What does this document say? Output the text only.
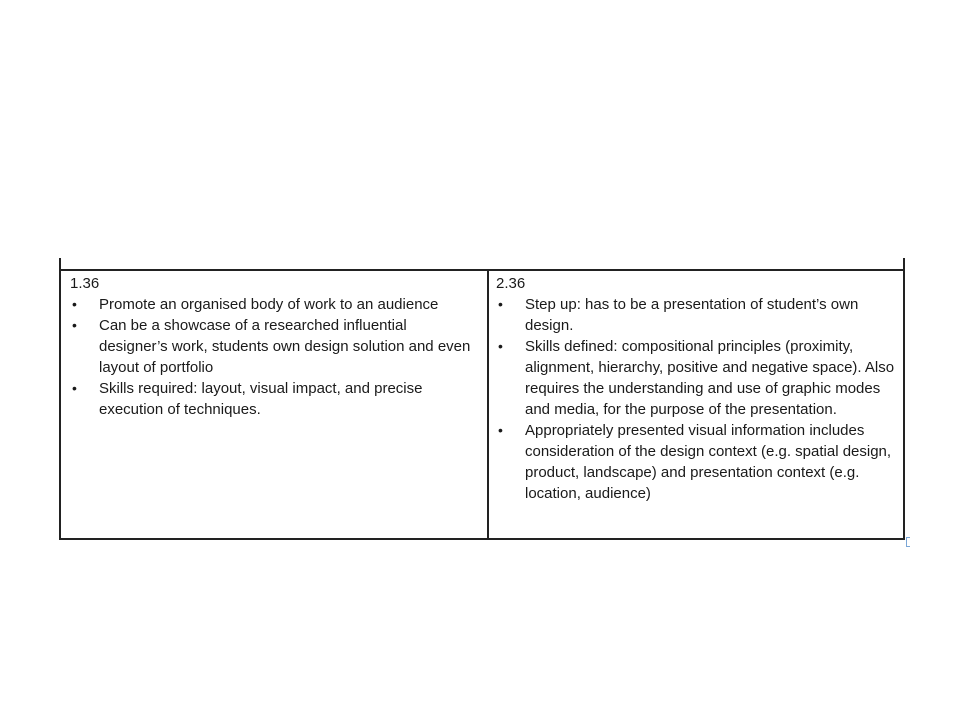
1.36
• Promote an organised body of work to an audience
• Can be a showcase of a researched influential designer’s work, students own design solution and even layout of portfolio
• Skills required: layout, visual impact, and precise execution of techniques.
2.36
• Step up: has to be a presentation of student’s own design.
• Skills defined: compositional principles (proximity, alignment, hierarchy, positive and negative space). Also requires the understanding and use of graphic modes and media, for the purpose of the presentation.
• Appropriately presented visual information includes consideration of the design context (e.g. spatial design, product, landscape) and presentation context (e.g. location, audience)
